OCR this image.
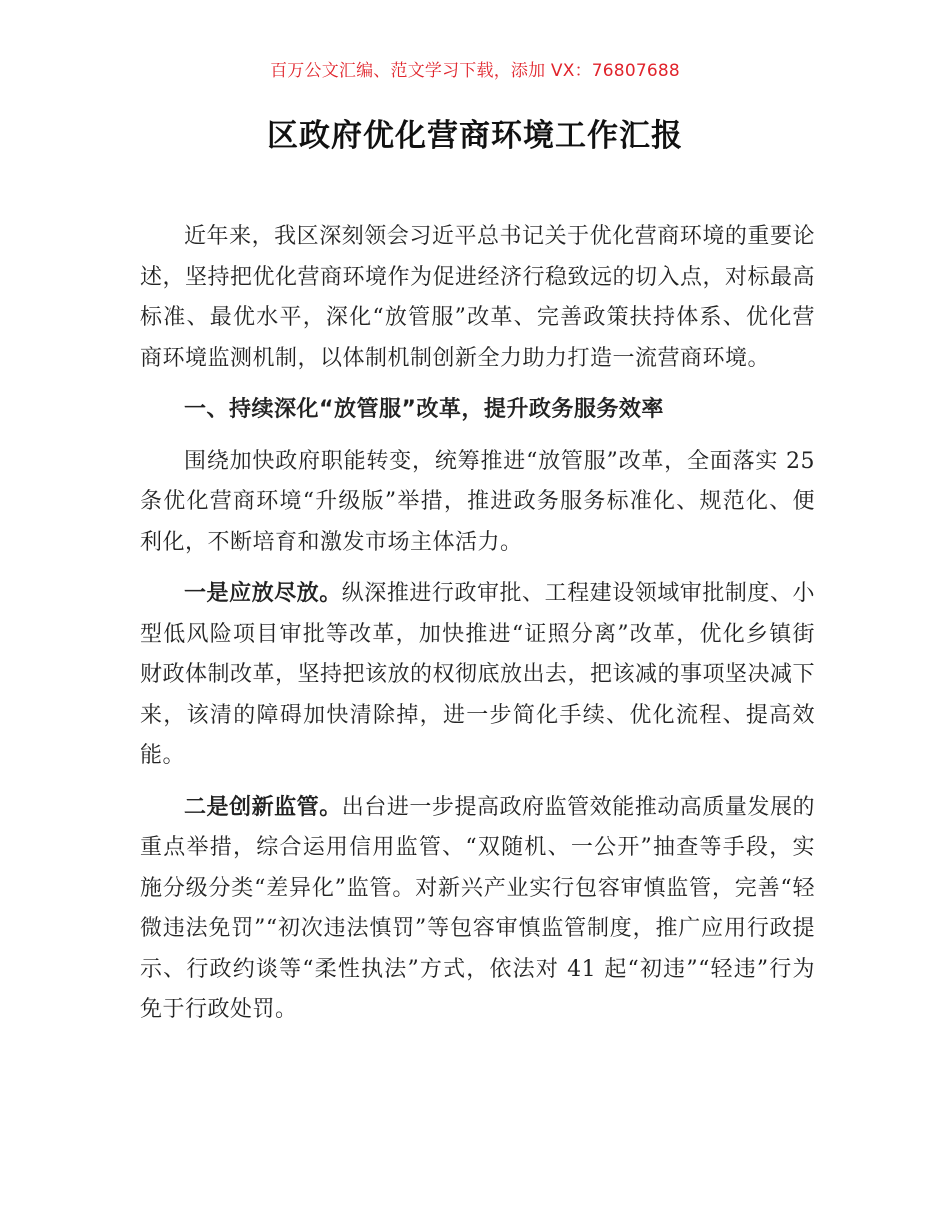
百万公文汇编、范文学习下载，添加 VX：76807688
区政府优化营商环境工作汇报

近年来，我区深刻领会习近平总书记关于优化营商环境的重要论述，坚持把优化营商环境作为促进经济行稳致远的切入点，对标最高标准、最优水平，深化“放管服”改革、完善政策扶持体系、优化营商环境监测机制，以体制机制创新全力助力打造一流营商环境。

一、持续深化“放管服”改革，提升政务服务效率

围绕加快政府职能转变，统筹推进“放管服”改革，全面落实 25 条优化营商环境“升级版”举措，推进政务服务标准化、规范化、便利化，不断培育和激发市场主体活力。

一是应放尽放。纵深推进行政审批、工程建设领域审批制度、小型低风险项目审批等改革，加快推进“证照分离”改革，优化乡镇街财政体制改革，坚持把该放的权彻底放出去，把该减的事项坚决减下来，该清的障碍加快清除掉，进一步简化手续、优化流程、提高效能。

二是创新监管。出台进一步提高政府监管效能推动高质量发展的重点举措，综合运用信用监管、“双随机、一公开”抽查等手段，实施分级分类“差异化”监管。对新兴产业实行包容审慎监管，完善“轻微违法免罚”“初次违法慎罚”等包容审慎监管制度，推广应用行政提示、行政约谈等“柔性执法”方式，依法对 41 起“初违”“轻违”行为免于行政处罚。
